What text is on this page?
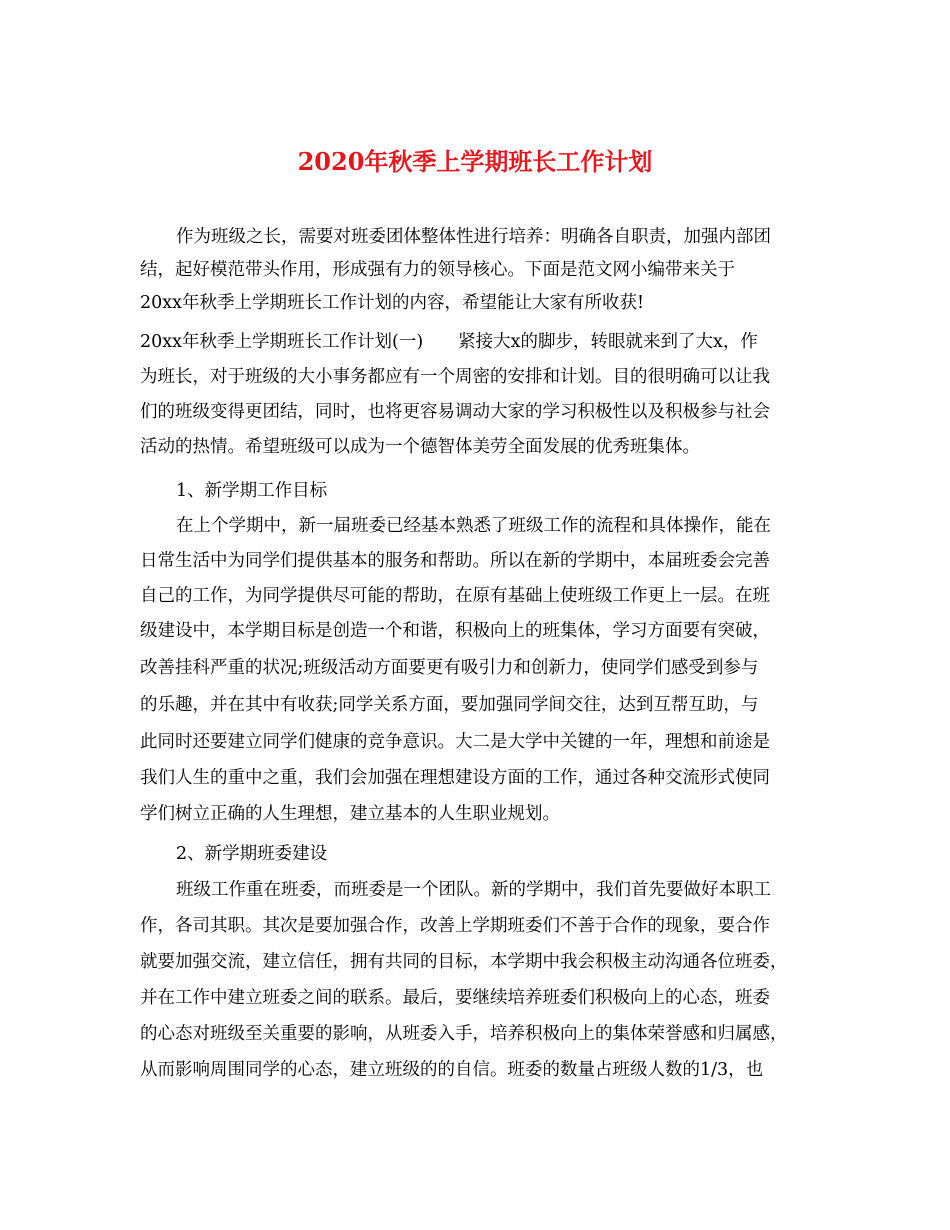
2020年秋季上学期班长工作计划
作为班级之长，需要对班委团体整体性进行培养：明确各自职责，加强内部团
结，起好模范带头作用，形成强有力的领导核心。下面是范文网小编带来关于
20xx年秋季上学期班长工作计划的内容，希望能让大家有所收获!
20xx年秋季上学期班长工作计划(一)　　紧接大x的脚步，转眼就来到了大x，作
为班长，对于班级的大小事务都应有一个周密的安排和计划。目的很明确可以让我
们的班级变得更团结，同时，也将更容易调动大家的学习积极性以及积极参与社会
活动的热情。希望班级可以成为一个德智体美劳全面发展的优秀班集体。
1、新学期工作目标
在上个学期中，新一届班委已经基本熟悉了班级工作的流程和具体操作，能在
日常生活中为同学们提供基本的服务和帮助。所以在新的学期中，本届班委会完善
自己的工作，为同学提供尽可能的帮助，在原有基础上使班级工作更上一层。在班
级建设中，本学期目标是创造一个和谐，积极向上的班集体，学习方面要有突破，
改善挂科严重的状况;班级活动方面要更有吸引力和创新力，使同学们感受到参与
的乐趣，并在其中有收获;同学关系方面，要加强同学间交往，达到互帮互助，与
此同时还要建立同学们健康的竞争意识。大二是大学中关键的一年，理想和前途是
我们人生的重中之重，我们会加强在理想建设方面的工作，通过各种交流形式使同
学们树立正确的人生理想，建立基本的人生职业规划。
2、新学期班委建设
班级工作重在班委，而班委是一个团队。新的学期中，我们首先要做好本职工
作，各司其职。其次是要加强合作，改善上学期班委们不善于合作的现象，要合作
就要加强交流，建立信任，拥有共同的目标，本学期中我会积极主动沟通各位班委，
并在工作中建立班委之间的联系。最后，要继续培养班委们积极向上的心态，班委
的心态对班级至关重要的影响，从班委入手，培养积极向上的集体荣誉感和归属感，
从而影响周围同学的心态，建立班级的的自信。班委的数量占班级人数的1/3，也
